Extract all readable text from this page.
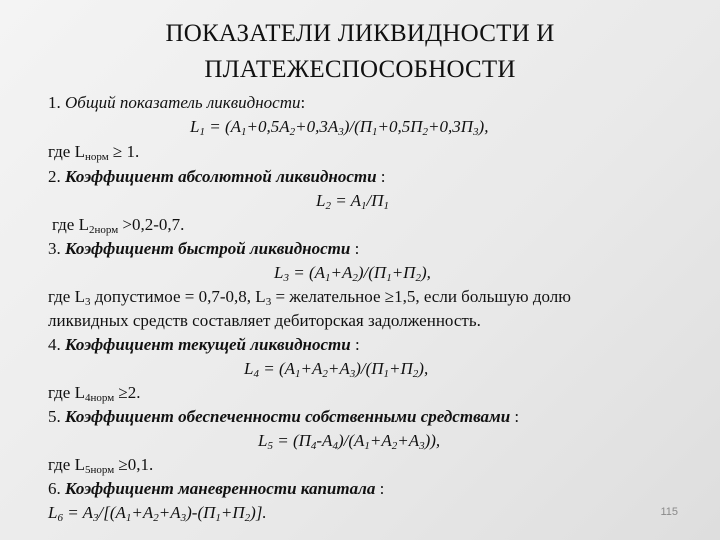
ПОКАЗАТЕЛИ ЛИКВИДНОСТИ И
ПЛАТЕЖЕСПОСОБНОСТИ
1. Общий показатель ликвидности:
$L_1 = (A_1+0,5A_2+0,3A_3)/(П_1+0,5П_2+0,3П_3)$,
где $L_{норм} \ge 1$.
2. Коэффициент абсолютной ликвидности :
$L_2 = A_1/П_1$
где $L_{2норм} >0,2-0,7$.
3. Коэффициент быстрой ликвидности :
$L_3 = (A_1+A_2)/(П_1+П_2)$,
где $L_3$ допустимое = 0,7-0,8, $L_3$ = желательное ≥1,5, если большую долю
ликвидных средств составляет дебиторская задолженность.
4. Коэффициент текущей ликвидности :
$L_4 = (A_1+A_2+A_3)/(П_1+П_2)$,
где $L_{4норм} \ge 2$.
5. Коэффициент обеспеченности собственными средствами :
$L_5 = (П_4-A_4)/(A_1+A_2+A_3)$),
где $L_{5норм} \ge 0,1$.
6. Коэффициент маневренности капитала :
$L_6 = A_3/[(A_1+A_2+A_3)-(П_1+П_2)]$.	115
